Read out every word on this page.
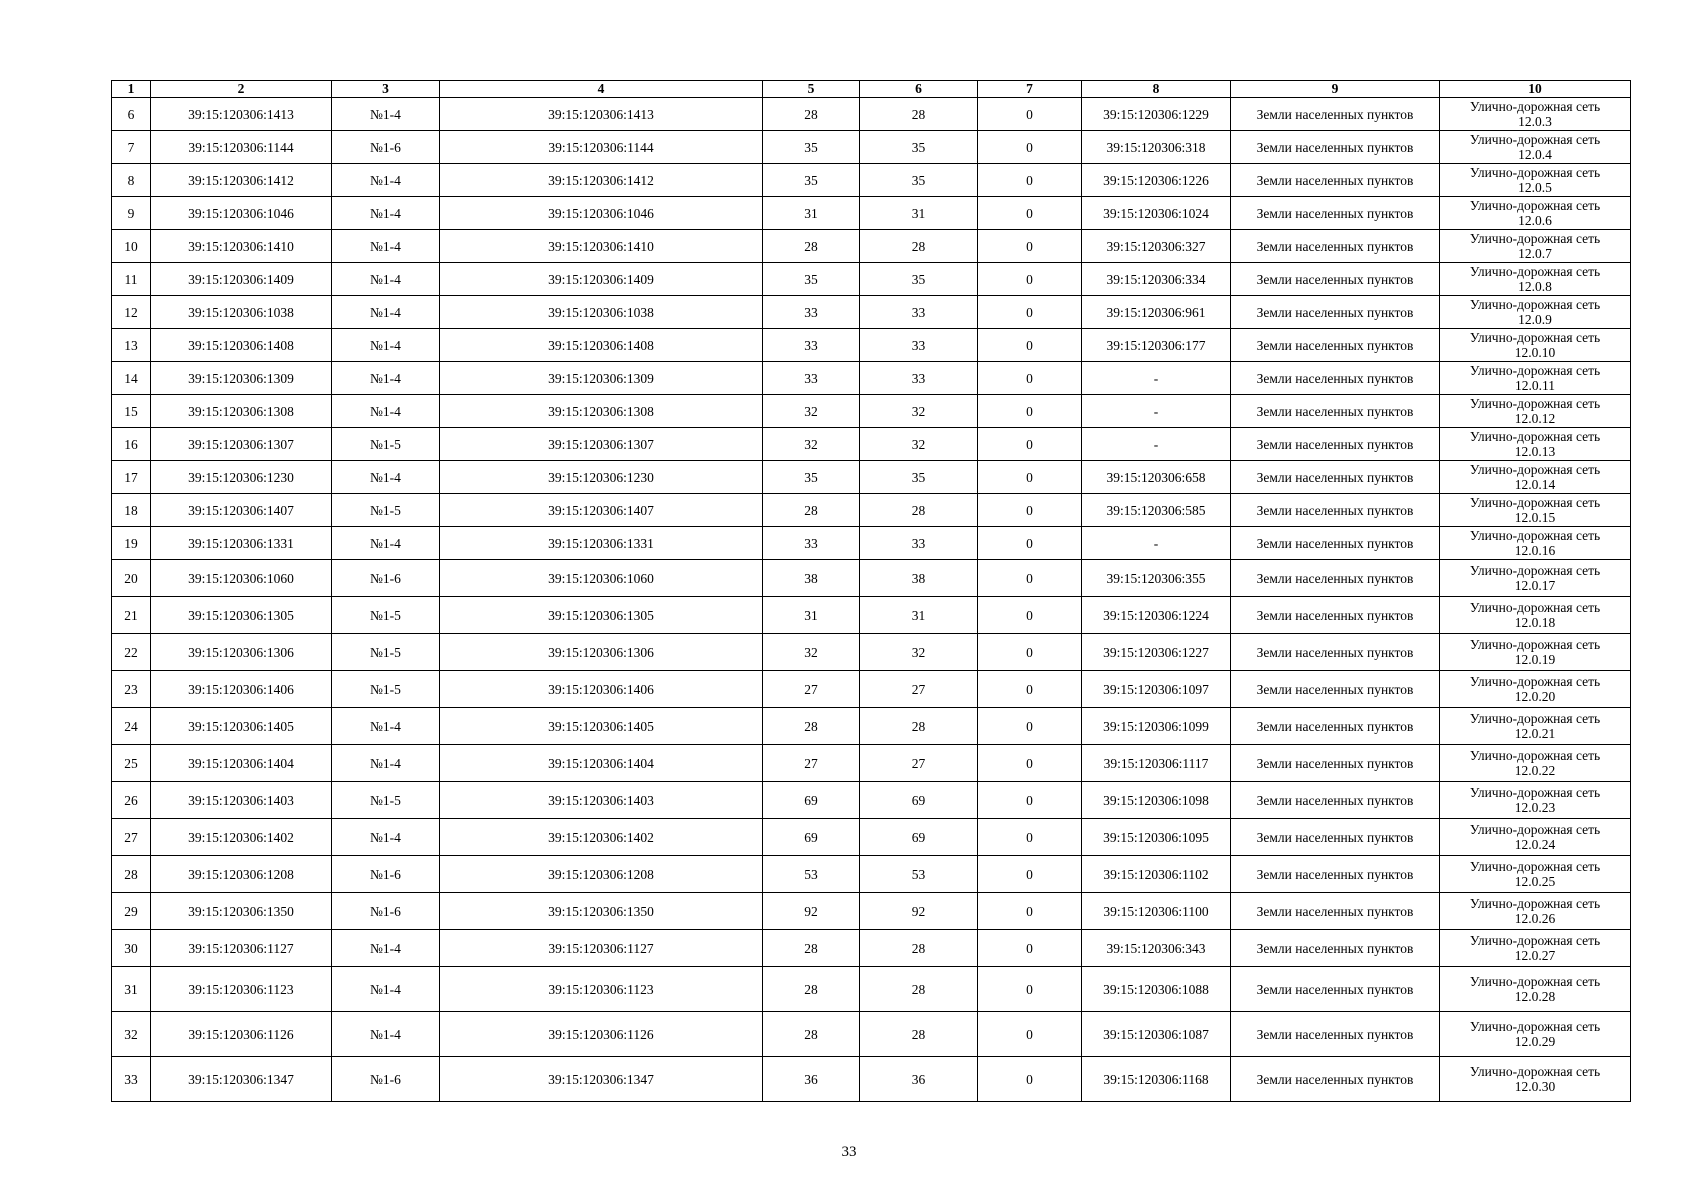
1	2	3	4	5	6	7	8	9	10
6	39:15:120306:1413	№1-4	39:15:120306:1413	28	28	0	39:15:120306:1229	Земли населенных пунктов	Улично-дорожная сеть
12.0.3

7	39:15:120306:1144	№1-6	39:15:120306:1144	35	35	0	39:15:120306:318	Земли населенных пунктов	Улично-дорожная сеть
12.0.4

8	39:15:120306:1412	№1-4	39:15:120306:1412	35	35	0	39:15:120306:1226	Земли населенных пунктов	Улично-дорожная сеть
12.0.5

9	39:15:120306:1046	№1-4	39:15:120306:1046	31	31	0	39:15:120306:1024	Земли населенных пунктов	Улично-дорожная сеть
12.0.6

10	39:15:120306:1410	№1-4	39:15:120306:1410	28	28	0	39:15:120306:327	Земли населенных пунктов	Улично-дорожная сеть
12.0.7

11	39:15:120306:1409	№1-4	39:15:120306:1409	35	35	0	39:15:120306:334	Земли населенных пунктов	Улично-дорожная сеть
12.0.8

12	39:15:120306:1038	№1-4	39:15:120306:1038	33	33	0	39:15:120306:961	Земли населенных пунктов	Улично-дорожная сеть
12.0.9

13	39:15:120306:1408	№1-4	39:15:120306:1408	33	33	0	39:15:120306:177	Земли населенных пунктов	Улично-дорожная сеть
12.0.10

14	39:15:120306:1309	№1-4	39:15:120306:1309	33	33	0	-	Земли населенных пунктов	Улично-дорожная сеть
12.0.11

15	39:15:120306:1308	№1-4	39:15:120306:1308	32	32	0	-	Земли населенных пунктов	Улично-дорожная сеть
12.0.12

16	39:15:120306:1307	№1-5	39:15:120306:1307	32	32	0	-	Земли населенных пунктов	Улично-дорожная сеть
12.0.13

17	39:15:120306:1230	№1-4	39:15:120306:1230	35	35	0	39:15:120306:658	Земли населенных пунктов	Улично-дорожная сеть
12.0.14

18	39:15:120306:1407	№1-5	39:15:120306:1407	28	28	0	39:15:120306:585	Земли населенных пунктов	Улично-дорожная сеть
12.0.15

19	39:15:120306:1331	№1-4	39:15:120306:1331	33	33	0	-	Земли населенных пунктов	Улично-дорожная сеть
12.0.16

20	39:15:120306:1060	№1-6	39:15:120306:1060	38	38	0	39:15:120306:355	Земли населенных пунктов	Улично-дорожная сеть
12.0.17

21	39:15:120306:1305	№1-5	39:15:120306:1305	31	31	0	39:15:120306:1224	Земли населенных пунктов	Улично-дорожная сеть
12.0.18

22	39:15:120306:1306	№1-5	39:15:120306:1306	32	32	0	39:15:120306:1227	Земли населенных пунктов	Улично-дорожная сеть
12.0.19

23	39:15:120306:1406	№1-5	39:15:120306:1406	27	27	0	39:15:120306:1097	Земли населенных пунктов	Улично-дорожная сеть
12.0.20

24	39:15:120306:1405	№1-4	39:15:120306:1405	28	28	0	39:15:120306:1099	Земли населенных пунктов	Улично-дорожная сеть
12.0.21

25	39:15:120306:1404	№1-4	39:15:120306:1404	27	27	0	39:15:120306:1117	Земли населенных пунктов	Улично-дорожная сеть
12.0.22

26	39:15:120306:1403	№1-5	39:15:120306:1403	69	69	0	39:15:120306:1098	Земли населенных пунктов	Улично-дорожная сеть
12.0.23

27	39:15:120306:1402	№1-4	39:15:120306:1402	69	69	0	39:15:120306:1095	Земли населенных пунктов	Улично-дорожная сеть
12.0.24

28	39:15:120306:1208	№1-6	39:15:120306:1208	53	53	0	39:15:120306:1102	Земли населенных пунктов	Улично-дорожная сеть
12.0.25

29	39:15:120306:1350	№1-6	39:15:120306:1350	92	92	0	39:15:120306:1100	Земли населенных пунктов	Улично-дорожная сеть
12.0.26

30	39:15:120306:1127	№1-4	39:15:120306:1127	28	28	0	39:15:120306:343	Земли населенных пунктов	Улично-дорожная сеть
12.0.27

31	39:15:120306:1123	№1-4	39:15:120306:1123	28	28	0	39:15:120306:1088	Земли населенных пунктов	Улично-дорожная сеть
12.0.28

32	39:15:120306:1126	№1-4	39:15:120306:1126	28	28	0	39:15:120306:1087	Земли населенных пунктов	Улично-дорожная сеть
12.0.29

33	39:15:120306:1347	№1-6	39:15:120306:1347	36	36	0	39:15:120306:1168	Земли населенных пунктов	Улично-дорожная сеть
12.0.30
33
